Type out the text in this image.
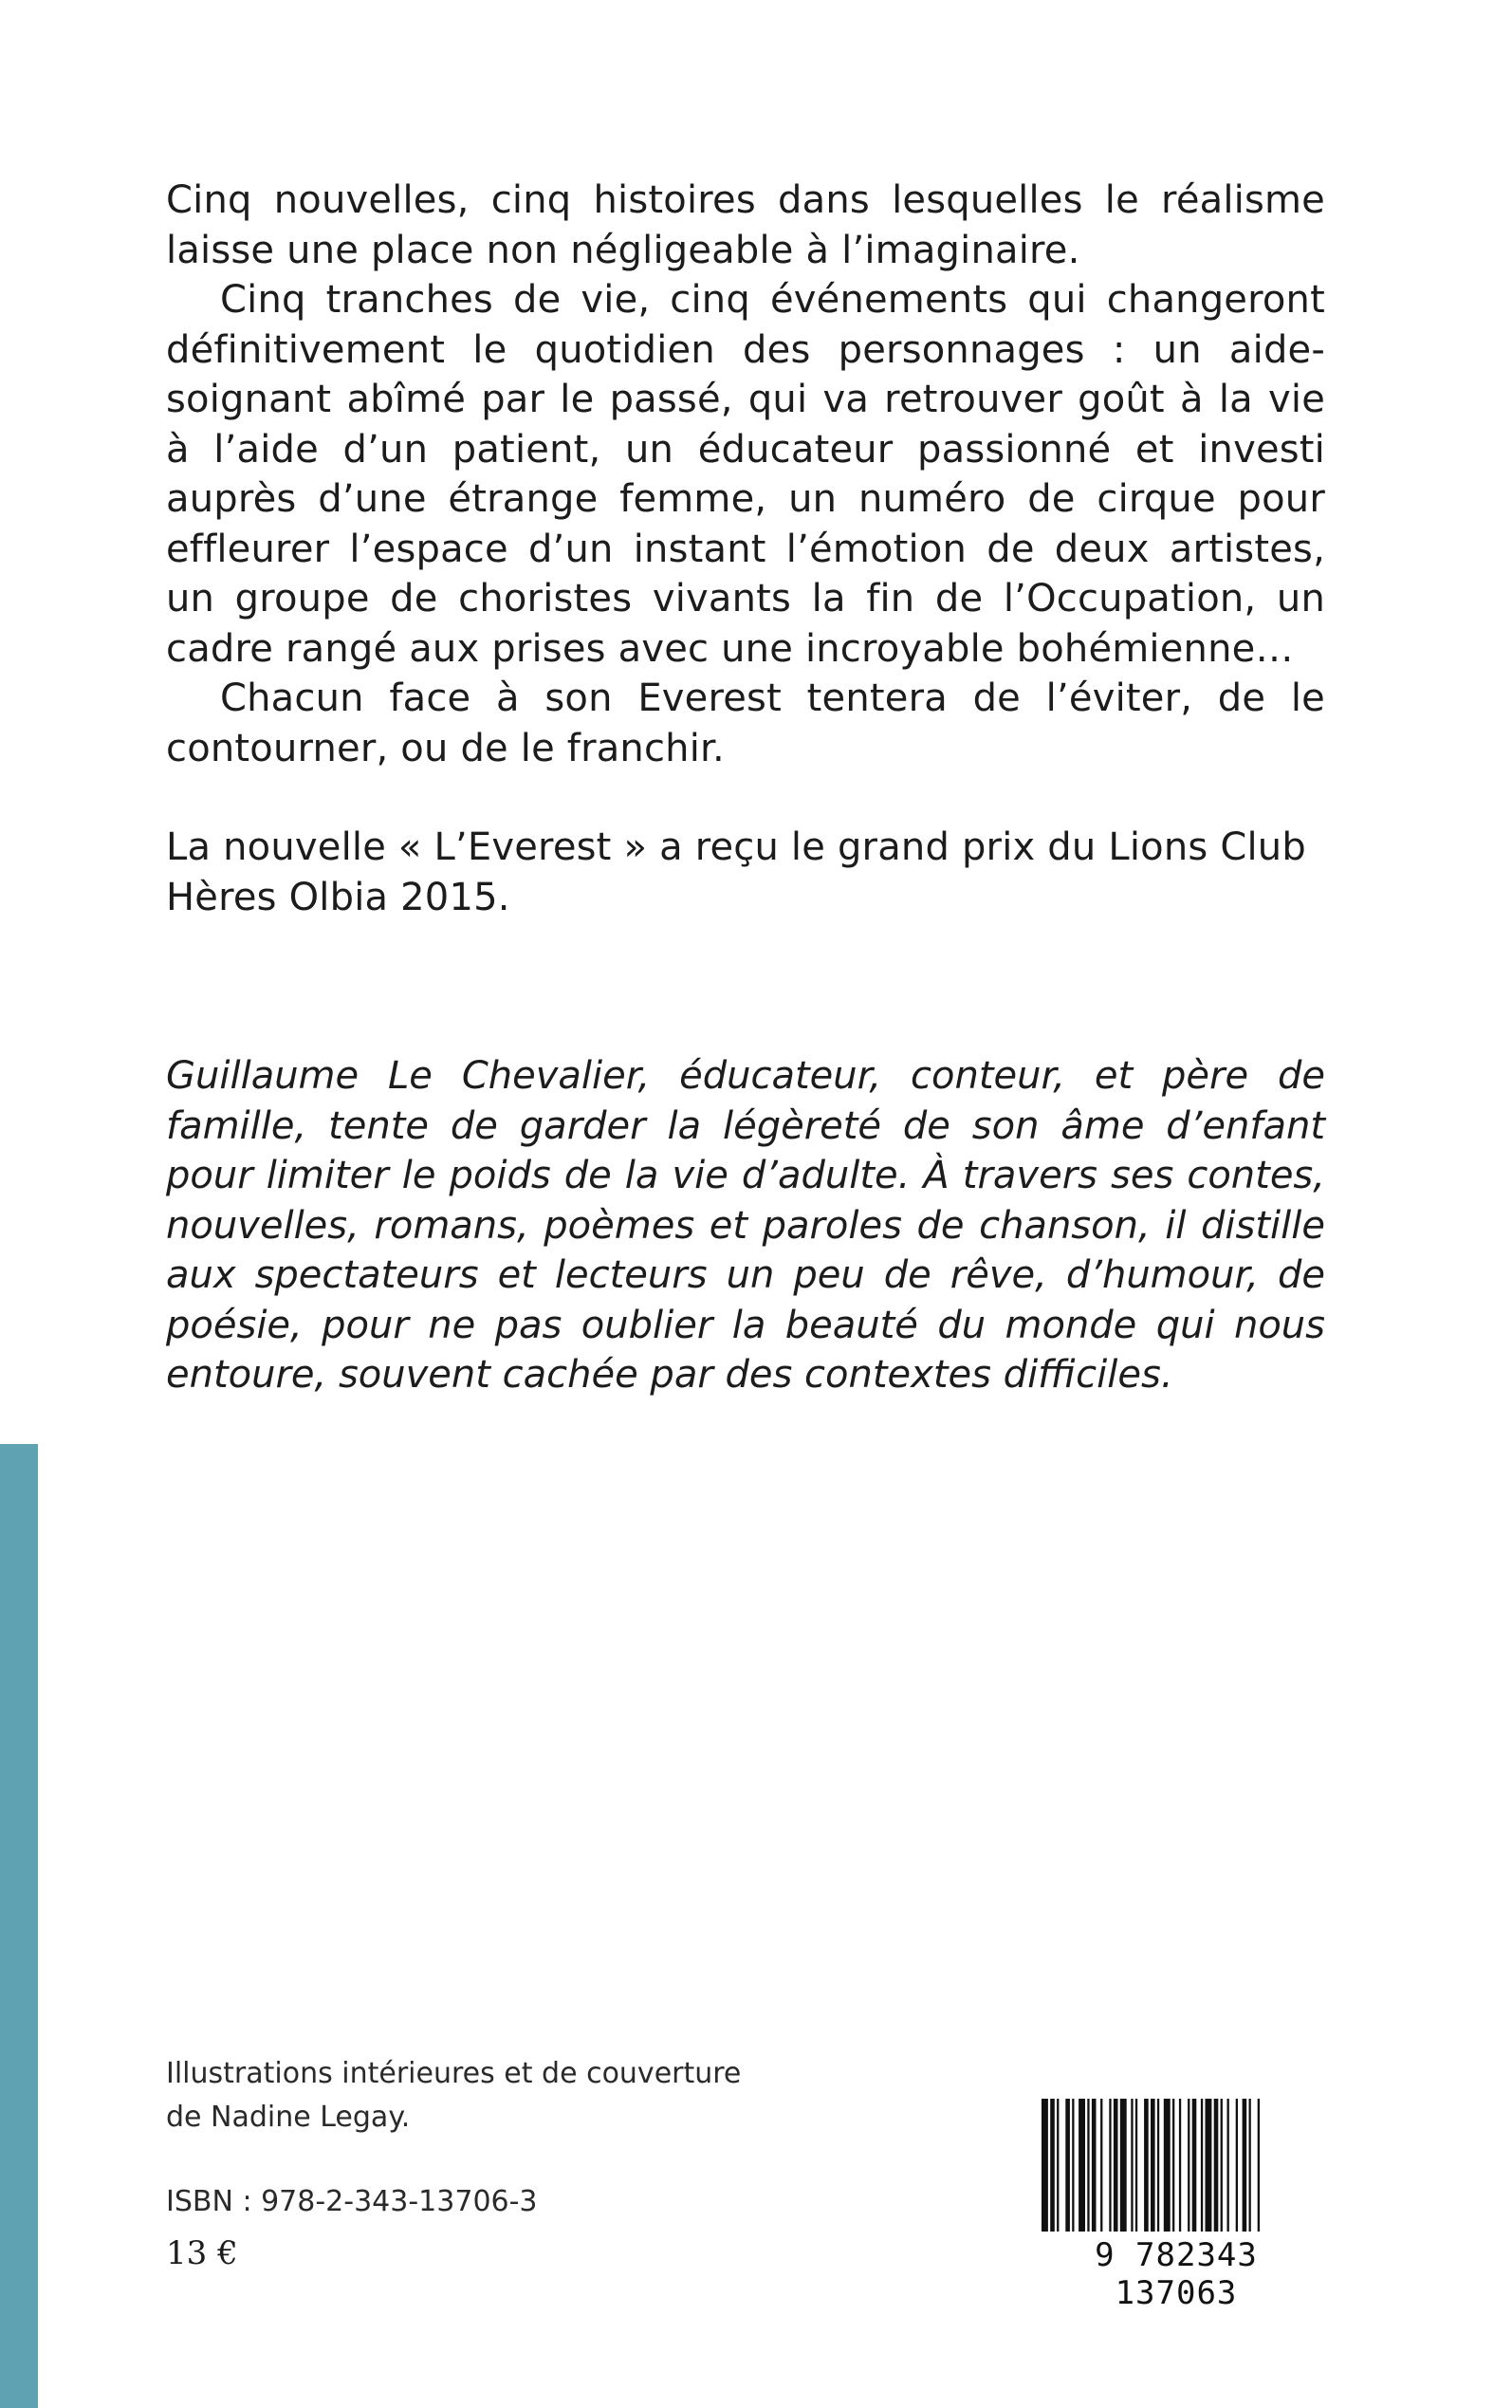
Cinq nouvelles, cinq histoires dans lesquelles le réalisme laisse une place non négligeable à l’imaginaire.

Cinq tranches de vie, cinq événements qui changeront définitivement le quotidien des personnages : un aide-soignant abîmé par le passé, qui va retrouver goût à la vie à l’aide d’un patient, un éducateur passionné et investi auprès d’une étrange femme, un numéro de cirque pour effleurer l’espace d’un instant l’émotion de deux artistes, un groupe de choristes vivants la fin de l’Occupation, un cadre rangé aux prises avec une incroyable bohémienne…

Chacun face à son Everest tentera de l’éviter, de le contourner, ou de le franchir.

La nouvelle « L’Everest » a reçu le grand prix du Lions Club Hères Olbia 2015.

Guillaume Le Chevalier, éducateur, conteur, et père de famille, tente de garder la légèreté de son âme d’enfant pour limiter le poids de la vie d’adulte. À travers ses contes, nouvelles, romans, poèmes et paroles de chanson, il distille aux spectateurs et lecteurs un peu de rêve, d’humour, de poésie, pour ne pas oublier la beauté du monde qui nous entoure, souvent cachée par des contextes difficiles.

Illustrations intérieures et de couverture
de Nadine Legay.
ISBN : 978-2-343-13706-3
13 €	9 782343 137063
